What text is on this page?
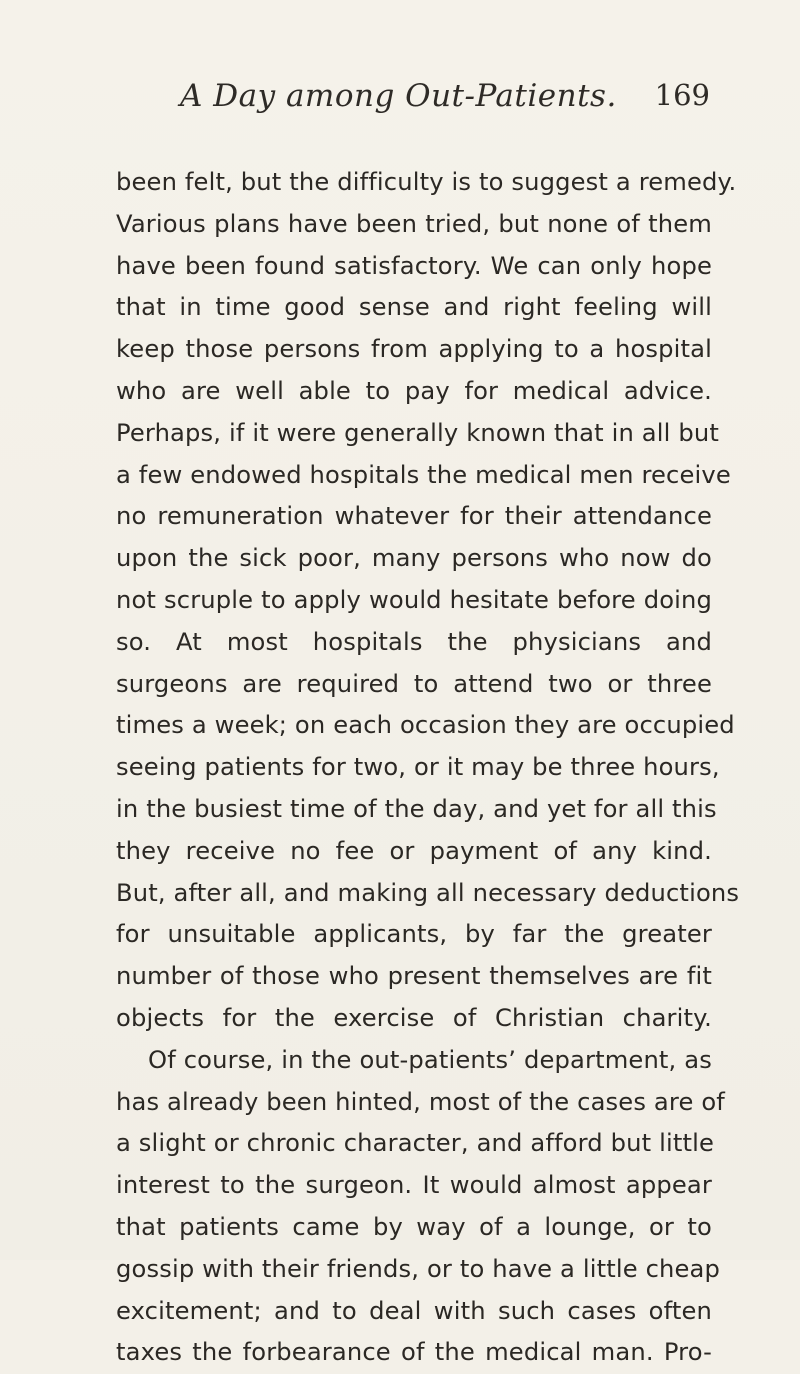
A Day among Out-Patients. 169
been felt, but the difficulty is to suggest a remedy.
Various plans have been tried, but none of them
have been found satisfactory. We can only hope
that in time good sense and right feeling will
keep those persons from applying to a hospital
who are well able to pay for medical advice.
Perhaps, if it were generally known that in all but
a few endowed hospitals the medical men receive
no remuneration whatever for their attendance
upon the sick poor, many persons who now do
not scruple to apply would hesitate before doing
so. At most hospitals the physicians and
surgeons are required to attend two or three
times a week; on each occasion they are occupied
seeing patients for two, or it may be three hours,
in the busiest time of the day, and yet for all this
they receive no fee or payment of any kind.
But, after all, and making all necessary deductions
for unsuitable applicants, by far the greater
number of those who present themselves are fit
objects for the exercise of Christian charity.
Of course, in the out-patients’ department, as
has already been hinted, most of the cases are of
a slight or chronic character, and afford but little
interest to the surgeon. It would almost appear
that patients came by way of a lounge, or to
gossip with their friends, or to have a little cheap
excitement; and to deal with such cases often
taxes the forbearance of the medical man. Pro-
